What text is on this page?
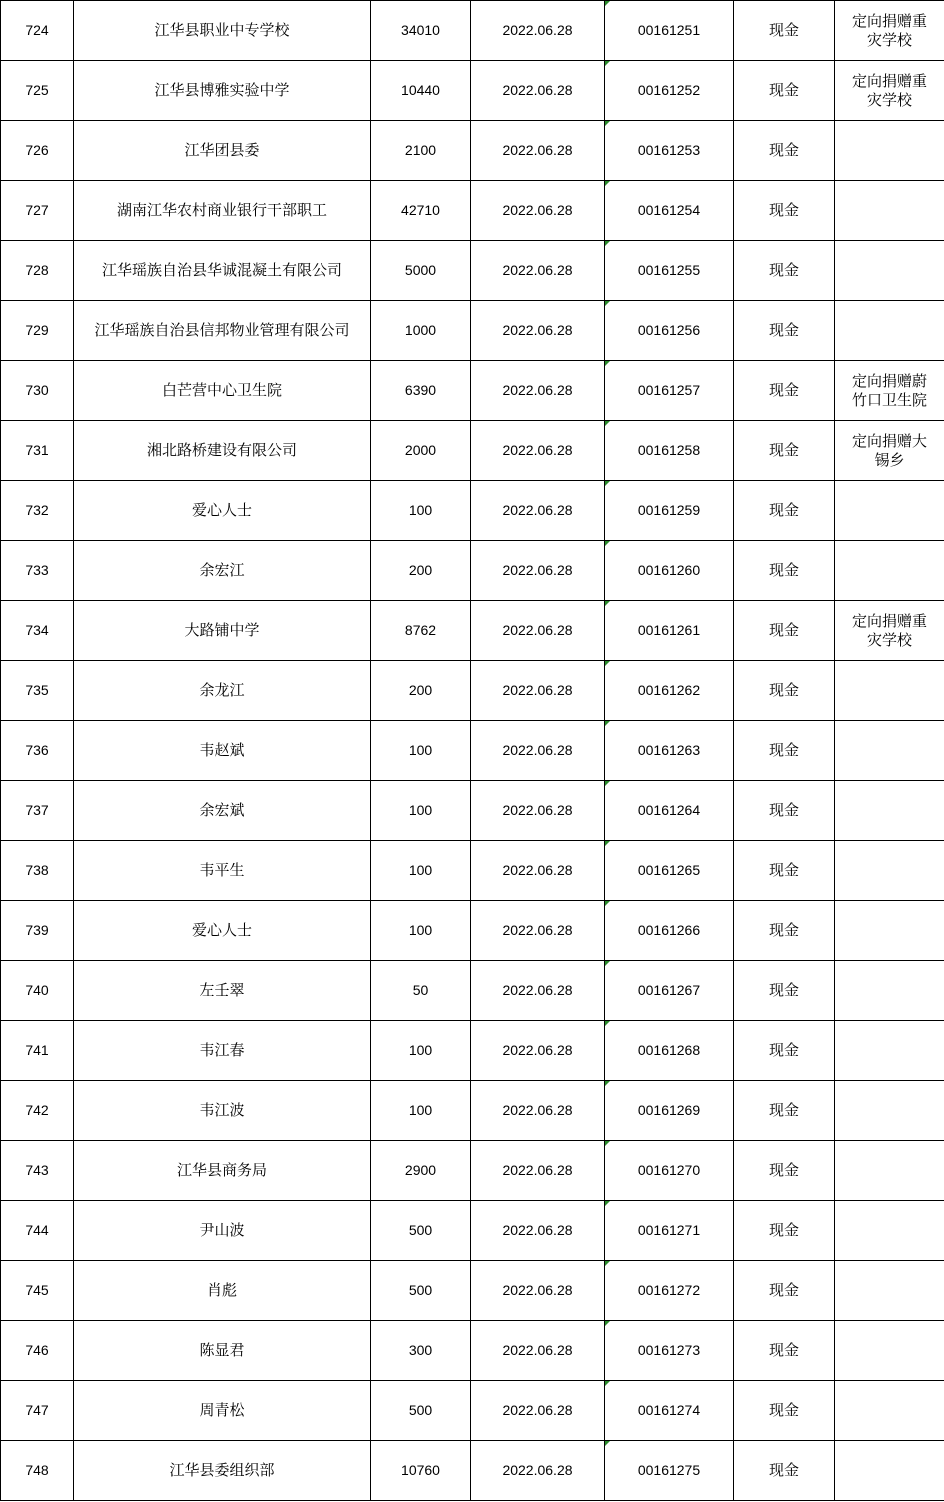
724	江华县职业中专学校	34010	2022.06.28	00161251	现金	定向捐赠重灾学校
725	江华县博雅实验中学	10440	2022.06.28	00161252	现金	定向捐赠重灾学校
726	江华团县委	2100	2022.06.28	00161253	现金	
727	湖南江华农村商业银行干部职工	42710	2022.06.28	00161254	现金	
728	江华瑶族自治县华诚混凝土有限公司	5000	2022.06.28	00161255	现金	
729	江华瑶族自治县信邦物业管理有限公司	1000	2022.06.28	00161256	现金	
730	白芒营中心卫生院	6390	2022.06.28	00161257	现金	定向捐赠蔚竹口卫生院
731	湘北路桥建设有限公司	2000	2022.06.28	00161258	现金	定向捐赠大锡乡
732	爱心人士	100	2022.06.28	00161259	现金	
733	余宏江	200	2022.06.28	00161260	现金	
734	大路铺中学	8762	2022.06.28	00161261	现金	定向捐赠重灾学校
735	余龙江	200	2022.06.28	00161262	现金	
736	韦赵斌	100	2022.06.28	00161263	现金	
737	余宏斌	100	2022.06.28	00161264	现金	
738	韦平生	100	2022.06.28	00161265	现金	
739	爱心人士	100	2022.06.28	00161266	现金	
740	左壬翠	50	2022.06.28	00161267	现金	
741	韦江春	100	2022.06.28	00161268	现金	
742	韦江波	100	2022.06.28	00161269	现金	
743	江华县商务局	2900	2022.06.28	00161270	现金	
744	尹山波	500	2022.06.28	00161271	现金	
745	肖彪	500	2022.06.28	00161272	现金	
746	陈显君	300	2022.06.28	00161273	现金	
747	周青松	500	2022.06.28	00161274	现金	
748	江华县委组织部	10760	2022.06.28	00161275	现金	
